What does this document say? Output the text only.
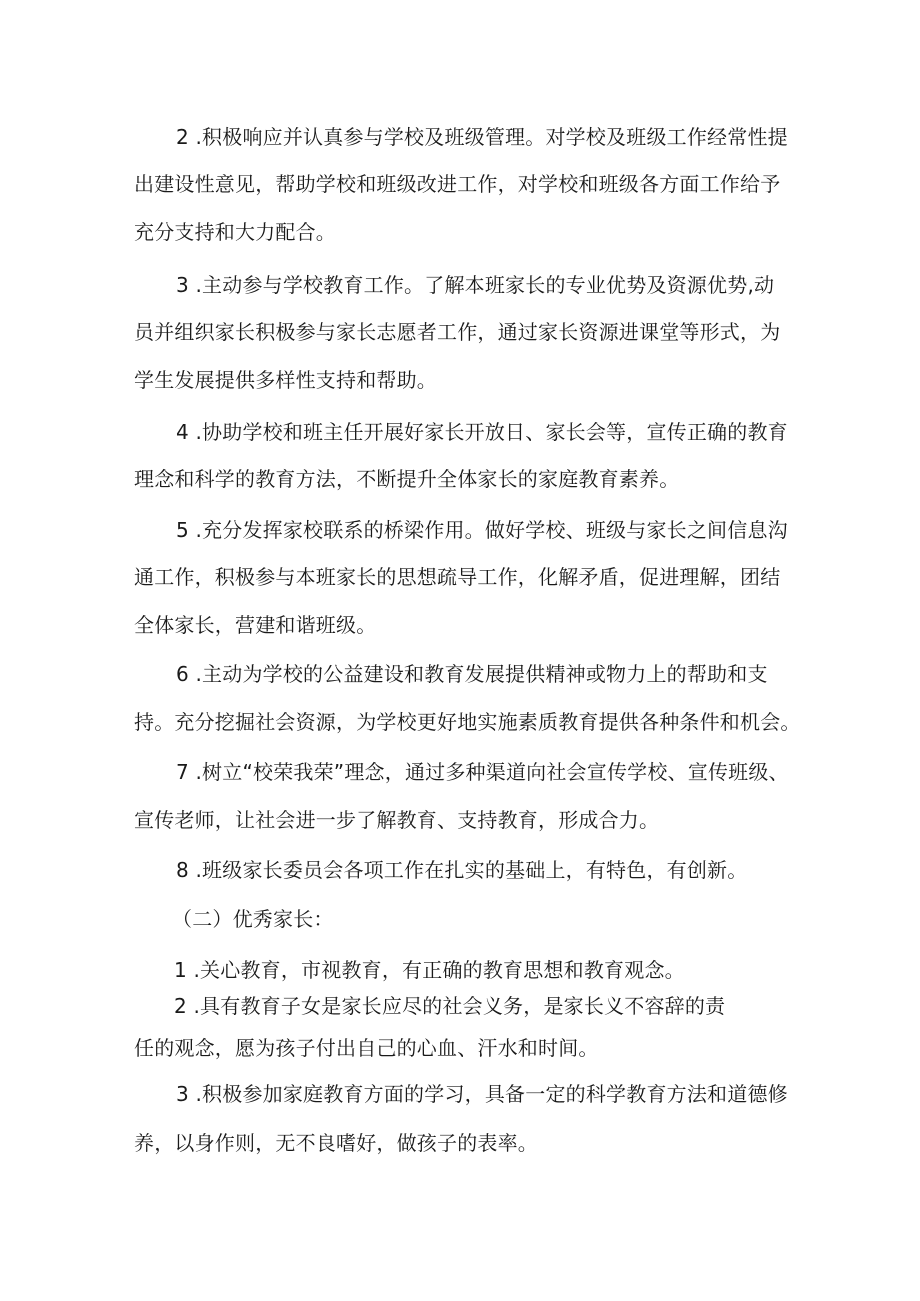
2 .积极响应并认真参与学校及班级管理。对学校及班级工作经常性提
出建设性意见，帮助学校和班级改进工作，对学校和班级各方面工作给予
充分支持和大力配合。
3 .主动参与学校教育工作。了解本班家长的专业优势及资源优势,动
员并组织家长积极参与家长志愿者工作，通过家长资源进课堂等形式，为
学生发展提供多样性支持和帮助。
4 .协助学校和班主任开展好家长开放日、家长会等，宣传正确的教育
理念和科学的教育方法，不断提升全体家长的家庭教育素养。
5 .充分发挥家校联系的桥梁作用。做好学校、班级与家长之间信息沟
通工作，积极参与本班家长的思想疏导工作，化解矛盾，促进理解，团结
全体家长，营建和谐班级。
6 .主动为学校的公益建设和教育发展提供精神或物力上的帮助和支
持。充分挖掘社会资源，为学校更好地实施素质教育提供各种条件和机会。
7 .树立“校荣我荣”理念，通过多种渠道向社会宣传学校、宣传班级、
宣传老师，让社会进一步了解教育、支持教育，形成合力。
8 .班级家长委员会各项工作在扎实的基础上，有特色，有创新。
（二）优秀家长：
1 .关心教育，市视教育，有正确的教育思想和教育观念。
2 .具有教育子女是家长应尽的社会义务，是家长义不容辞的责
任的观念，愿为孩子付出自己的心血、汗水和时间。
3 .积极参加家庭教育方面的学习，具备一定的科学教育方法和道德修
养，以身作则，无不良嗜好，做孩子的表率。
